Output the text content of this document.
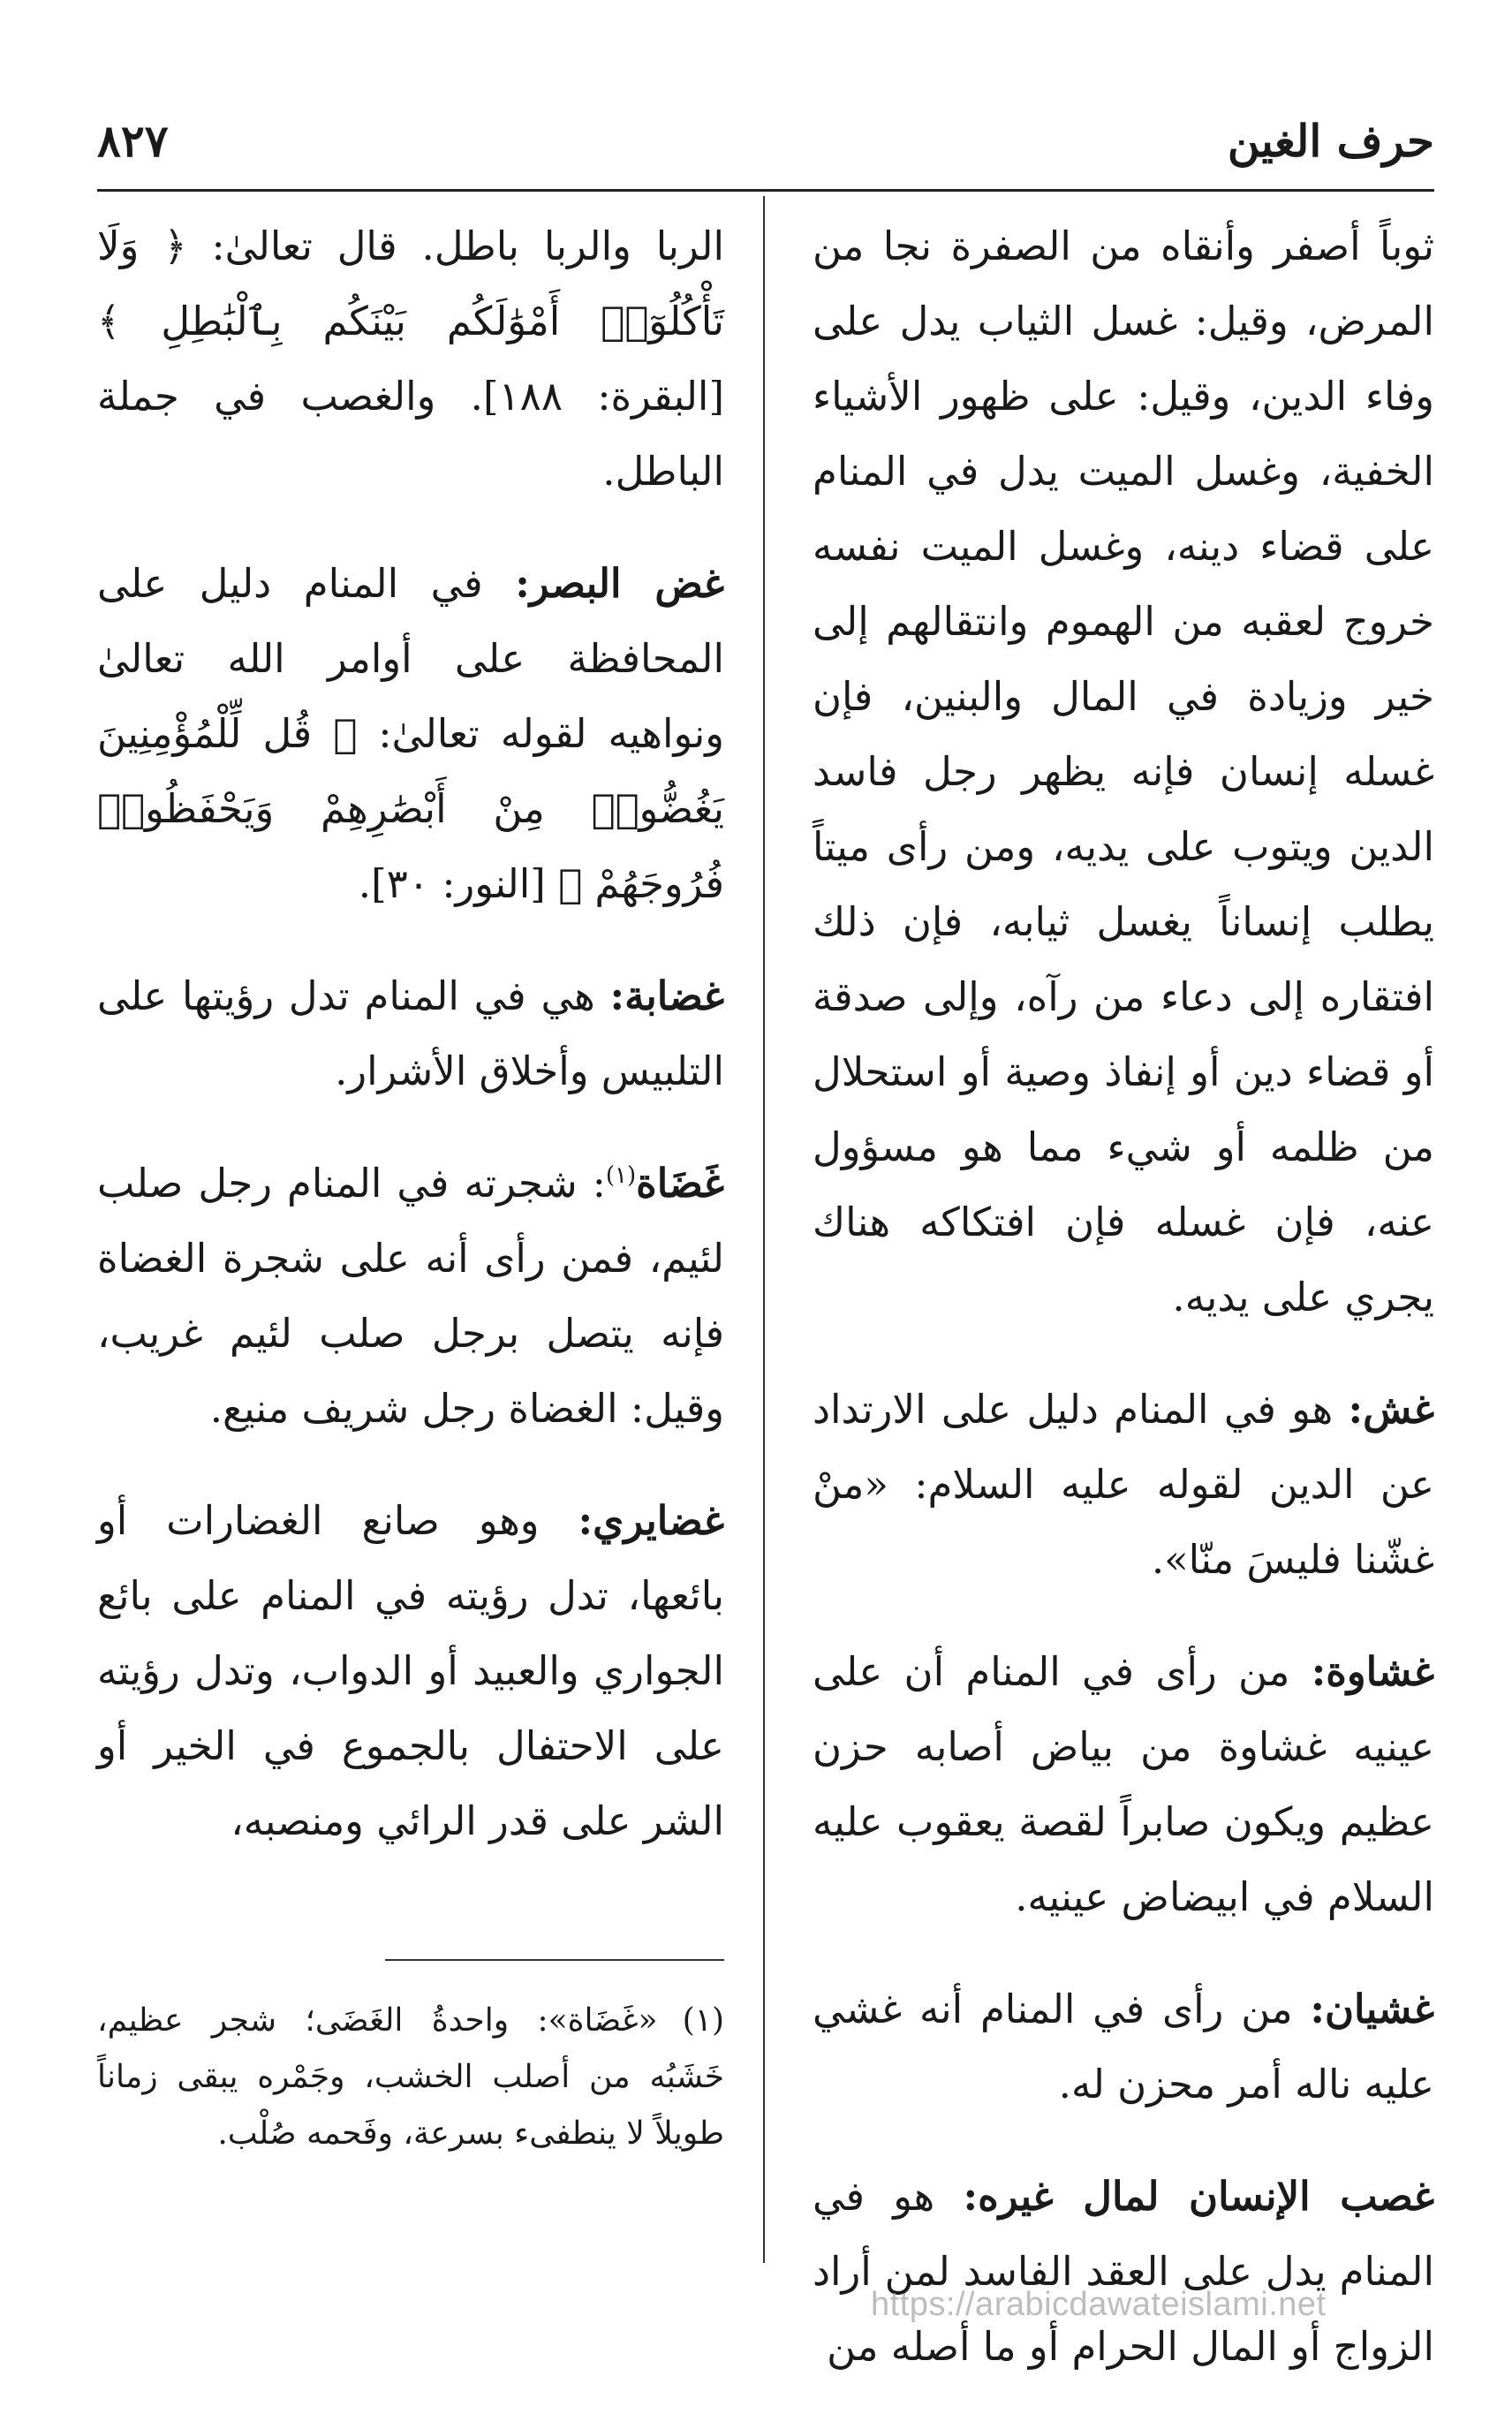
حرف الغين
٨٢٧

ثوباً أصفر وأنقاه من الصفرة نجا من المرض، وقيل: غسل الثياب يدل على وفاء الدين، وقيل: على ظهور الأشياء الخفية، وغسل الميت يدل في المنام على قضاء دينه، وغسل الميت نفسه خروج لعقبه من الهموم وانتقالهم إلى خير وزيادة في المال والبنين، فإن غسله إنسان فإنه يظهر رجل فاسد الدين ويتوب على يديه، ومن رأى ميتاً يطلب إنساناً يغسل ثيابه، فإن ذلك افتقاره إلى دعاء من رآه، وإلى صدقة أو قضاء دين أو إنفاذ وصية أو استحلال من ظلمه أو شيء مما هو مسؤول عنه، فإن غسله فإن افتكاكه هناك يجري على يديه.

غش: هو في المنام دليل على الارتداد عن الدين لقوله عليه السلام: «منْ غشّنا فليسَ منّا».

غشاوة: من رأى في المنام أن على عينيه غشاوة من بياض أصابه حزن عظيم ويكون صابراً لقصة يعقوب عليه السلام في ابيضاض عينيه.

غشيان: من رأى في المنام أنه غشي عليه ناله أمر محزن له.

غصب الإنسان لمال غيره: هو في المنام يدل على العقد الفاسد لمن أراد الزواج أو المال الحرام أو ما أصله من

الربا والربا باطل. قال تعالىٰ: ﴿ وَلَا تَأْكُلُوٓا۟ أَمْوَٰلَكُم بَيْنَكُم بِٱلْبَٰطِلِ ﴾ [البقرة: ١٨٨]. والغصب في جملة الباطل.

غض البصر: في المنام دليل على المحافظة على أوامر الله تعالىٰ ونواهيه لقوله تعالىٰ: ﴿ قُل لِّلْمُؤْمِنِينَ يَغُضُّوا۟ مِنْ أَبْصَٰرِهِمْ وَيَحْفَظُوا۟ فُرُوجَهُمْ ﴾ [النور: ٣٠].

غضابة: هي في المنام تدل رؤيتها على التلبيس وأخلاق الأشرار.

غَضَاة$^{(١)}$: شجرته في المنام رجل صلب لئيم، فمن رأى أنه على شجرة الغضاة فإنه يتصل برجل صلب لئيم غريب، وقيل: الغضاة رجل شريف منيع.

غضايري: وهو صانع الغضارات أو بائعها، تدل رؤيته في المنام على بائع الجواري والعبيد أو الدواب، وتدل رؤيته على الاحتفال بالجموع في الخير أو الشر على قدر الرائي ومنصبه،

(١)«غَضَاة»: واحدةُ الغَضَى؛ شجر عظيم، خَشَبُه من أصلب الخشب، وجَمْره يبقى زماناً طويلاً لا ينطفىء بسرعة، وفَحمه صُلْب.

https://arabicdawateislami.net
